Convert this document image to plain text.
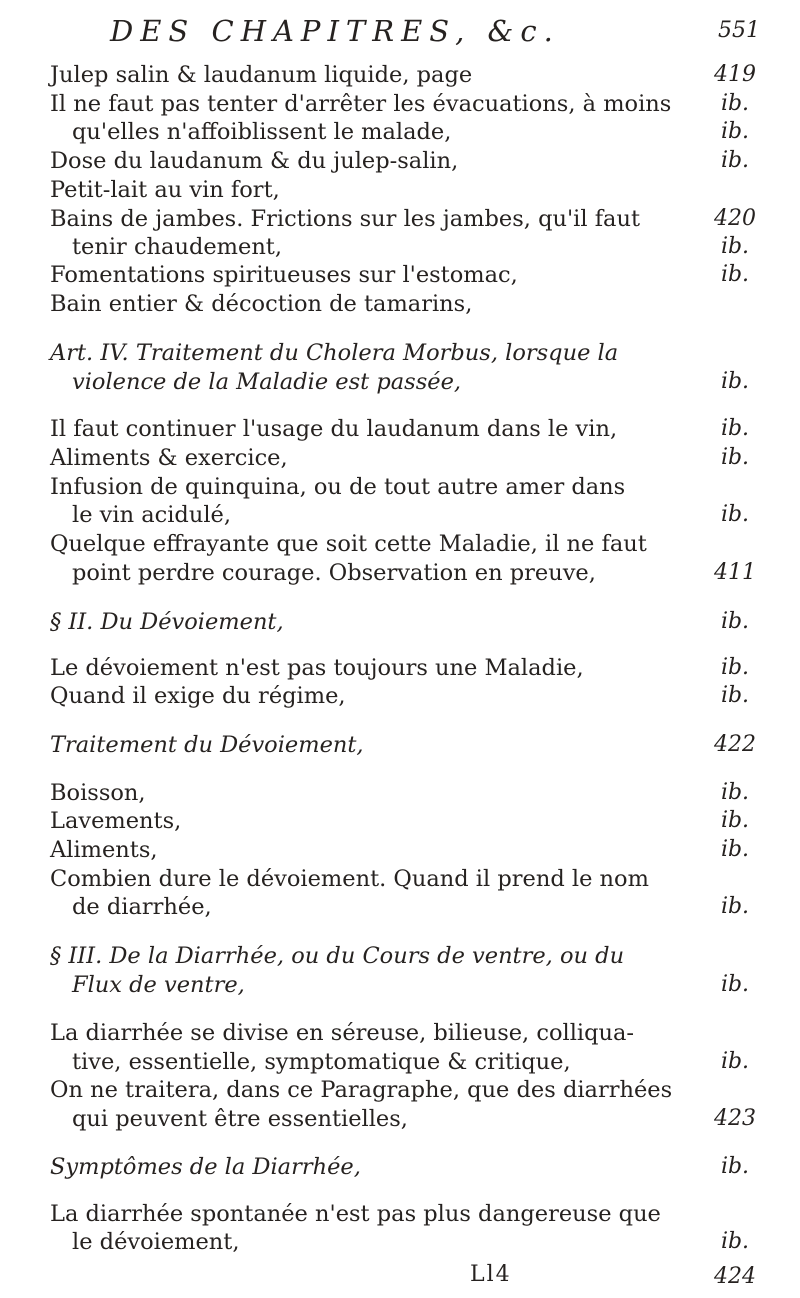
DES CHAPITRES, &c.	551
Julep salin & laudanum liquide, page
Il ne faut pas tenter d'arrêter les évacuations, à moins
qu'elles n'affoiblissent le malade,
Dose du laudanum & du julep-salin,
Petit-lait au vin fort,
Bains de jambes. Frictions sur les jambes, qu'il faut
tenir chaudement,
Fomentations spiritueuses sur l'estomac,
Bain entier & décoction de tamarins,
Art. IV. Traitement du Cholera Morbus, lorsque la
violence de la Maladie est passée,
Il faut continuer l'usage du laudanum dans le vin,
Aliments & exercice,
Infusion de quinquina, ou de tout autre amer dans
le vin acidulé,
Quelque effrayante que soit cette Maladie, il ne faut
point perdre courage. Observation en preuve,
§ II. Du Dévoiement,
Le dévoiement n'est pas toujours une Maladie,
Quand il exige du régime,
Traitement du Dévoiement,
Boisson,
Lavements,
Aliments,
Combien dure le dévoiement. Quand il prend le nom
de diarrhée,
§ III. De la Diarrhée, ou du Cours de ventre, ou du
Flux de ventre,
La diarrhée se divise en séreuse, bilieuse, colliqua-
tive, essentielle, symptomatique & critique,
On ne traitera, dans ce Paragraphe, que des diarrhées
qui peuvent être essentielles,
Symptômes de la Diarrhée,
La diarrhée spontanée n'est pas plus dangereuse que
le dévoiement,
419
ib.
ib.
ib.
420
ib.
ib.
ib.
ib.
ib.
ib.
411
ib.
ib.
ib.
422
ib.
ib.
ib.
ib.
ib.
ib.
423
ib.
ib.
424
Ll4
